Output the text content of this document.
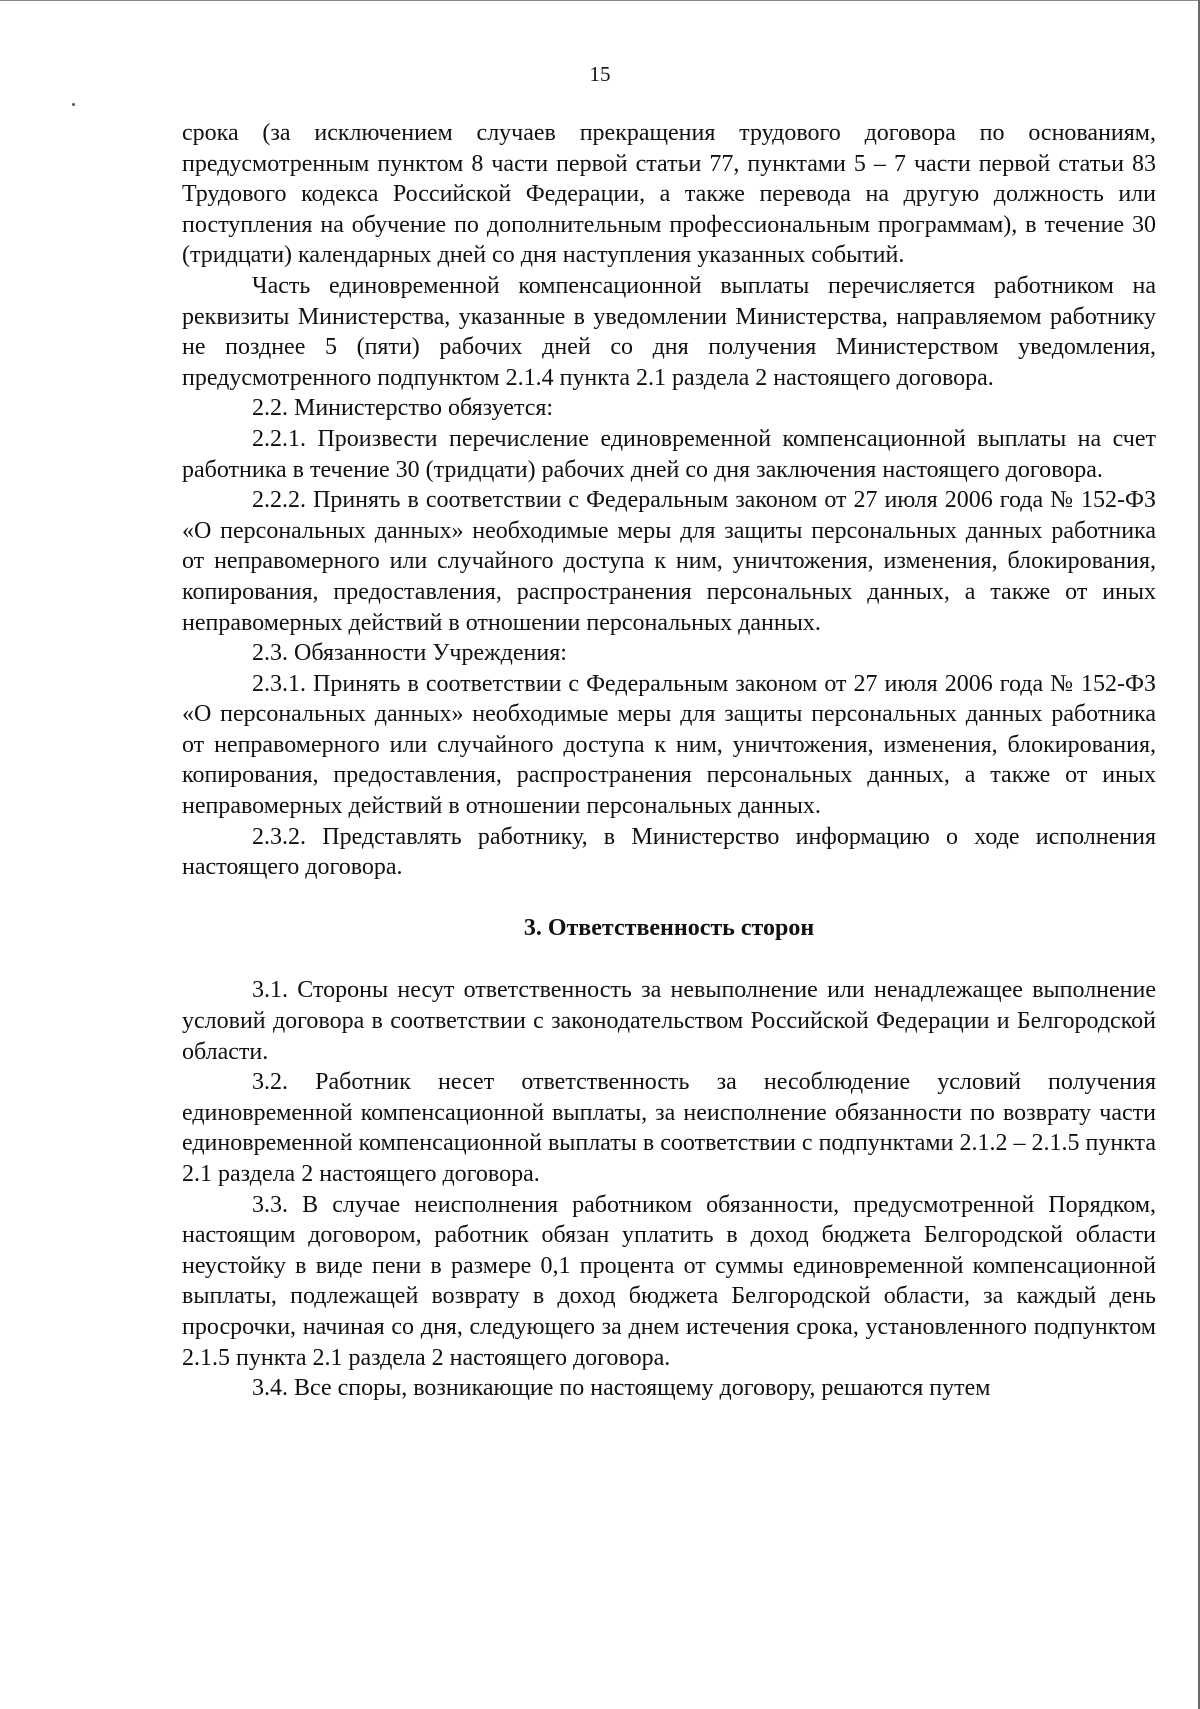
15

срока (за исключением случаев прекращения трудового договора по основаниям, предусмотренным пунктом 8 части первой статьи 77, пунктами 5 – 7 части первой статьи 83 Трудового кодекса Российской Федерации, а также перевода на другую должность или поступления на обучение по дополнительным профессиональным программам), в течение 30 (тридцати) календарных дней со дня наступления указанных событий.

Часть единовременной компенсационной выплаты перечисляется работником на реквизиты Министерства, указанные в уведомлении Министерства, направляемом работнику не позднее 5 (пяти) рабочих дней со дня получения Министерством уведомления, предусмотренного подпунктом 2.1.4 пункта 2.1 раздела 2 настоящего договора.

2.2. Министерство обязуется:

2.2.1. Произвести перечисление единовременной компенсационной выплаты на счет работника в течение 30 (тридцати) рабочих дней со дня заключения настоящего договора.

2.2.2. Принять в соответствии с Федеральным законом от 27 июля 2006 года № 152-ФЗ «О персональных данных» необходимые меры для защиты персональных данных работника от неправомерного или случайного доступа к ним, уничтожения, изменения, блокирования, копирования, предоставления, распространения персональных данных, а также от иных неправомерных действий в отношении персональных данных.

2.3. Обязанности Учреждения:

2.3.1. Принять в соответствии с Федеральным законом от 27 июля 2006 года № 152-ФЗ «О персональных данных» необходимые меры для защиты персональных данных работника от неправомерного или случайного доступа к ним, уничтожения, изменения, блокирования, копирования, предоставления, распространения персональных данных, а также от иных неправомерных действий в отношении персональных данных.

2.3.2. Представлять работнику, в Министерство информацию о ходе исполнения настоящего договора.

3. Ответственность сторон

3.1. Стороны несут ответственность за невыполнение или ненадлежащее выполнение условий договора в соответствии с законодательством Российской Федерации и Белгородской области.

3.2. Работник несет ответственность за несоблюдение условий получения единовременной компенсационной выплаты, за неисполнение обязанности по возврату части единовременной компенсационной выплаты в соответствии с подпунктами 2.1.2 – 2.1.5 пункта 2.1 раздела 2 настоящего договора.

3.3. В случае неисполнения работником обязанности, предусмотренной Порядком, настоящим договором, работник обязан уплатить в доход бюджета Белгородской области неустойку в виде пени в размере 0,1 процента от суммы единовременной компенсационной выплаты, подлежащей возврату в доход бюджета Белгородской области, за каждый день просрочки, начиная со дня, следующего за днем истечения срока, установленного подпунктом 2.1.5 пункта 2.1 раздела 2 настоящего договора.

3.4. Все споры, возникающие по настоящему договору, решаются путем
